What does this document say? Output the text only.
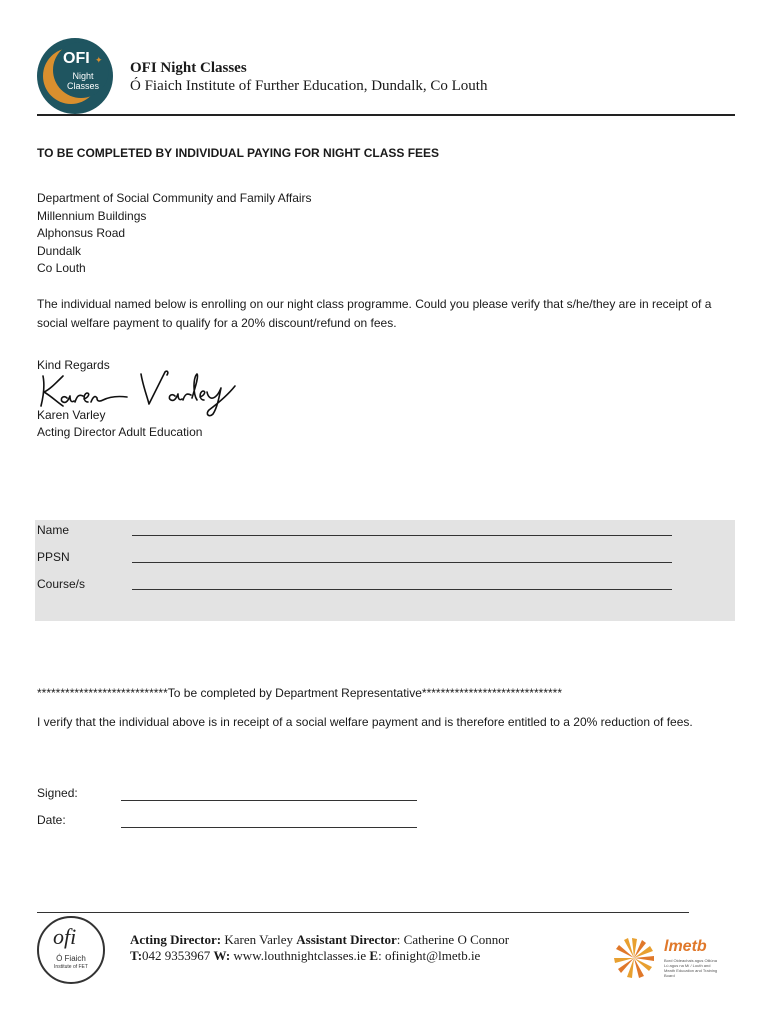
OFI ✦
Night
Classes
OFI Night Classes
Ó Fiaich Institute of Further Education, Dundalk, Co Louth
TO BE COMPLETED BY INDIVIDUAL PAYING FOR NIGHT CLASS FEES
Department of Social Community and Family Affairs
Millennium Buildings
Alphonsus Road
Dundalk
Co Louth
The individual named below is enrolling on our night class programme. Could you please verify that s/he/they are in receipt of a social welfare payment to qualify for a 20% discount/refund on fees.
Kind Regards
Karen Varley
Acting Director Adult Education
Name
PPSN
Course/s
****************************To be completed by Department Representative******************************
I verify that the individual above is in receipt of a social welfare payment and is therefore entitled to a 20% reduction of fees.
Signed:
Date:
ofi
Ó Fiaich
Institute of FET
Acting Director: Karen Varley Assistant Director: Catherine O Connor
T:042 9353967 W: www.louthnightclasses.ie E: ofinight@lmetb.ie
lmetb
Bord Oideachais agus Oiliúna Lú agus na Mí / Louth and Meath Education and Training Board
